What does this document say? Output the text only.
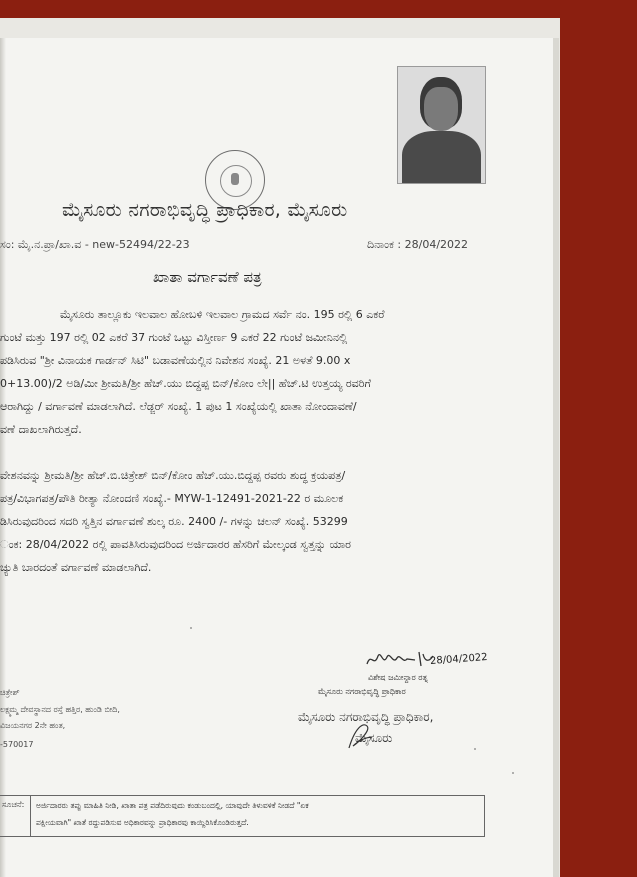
ಮೈಸೂರು ನಗರಾಭಿವೃದ್ಧಿ ಪ್ರಾಧಿಕಾರ, ಮೈಸೂರು
ಸಂ: ಮೈ.ನ.ಪ್ರಾ/ಖಾ.ವ - new-52494/22-23	ದಿನಾಂಕ : 28/04/2022
ಖಾತಾ ವರ್ಗಾವಣೆ ಪತ್ರ
ಮೈಸೂರು ತಾಲ್ಲೂಕು ಇಲವಾಲ ಹೋಬಳಿ ಇಲವಾಲ ಗ್ರಾಮದ ಸರ್ವೆ ನಂ. 195 ರಲ್ಲಿ 6 ಎಕರೆ
ಗುಂಟೆ ಮತ್ತು 197 ರಲ್ಲಿ 02 ಎಕರೆ 37 ಗುಂಟೆ ಒಟ್ಟು ವಿಸ್ತೀರ್ಣ 9 ಎಕರೆ 22 ಗುಂಟೆ ಜಮೀನಿನಲ್ಲಿ
ಪಡಿಸಿರುವ "ಶ್ರೀ ವಿನಾಯಕ ಗಾರ್ಡನ್ ಸಿಟಿ" ಬಡಾವಣೆಯಲ್ಲಿನ ನಿವೇಶನ ಸಂಖ್ಯೆ. 21 ಅಳತೆ 9.00 x
0+13.00)/2 ಅಡಿ/ಮೀ ಶ್ರೀಮತಿ/ಶ್ರೀ ಹೆಚ್.ಯು ಬಿದ್ದಪ್ಪ ಬಿನ್/ಕೋಂ ಲೇ|| ಹೆಚ್.ಟಿ ಉತ್ತಯ್ಯ ರವರಿಗೆ
ಆರಾಗಿದ್ದು / ವರ್ಗಾವಣೆ ಮಾಡಲಾಗಿದೆ. ಲೆಡ್ಜರ್ ಸಂಖ್ಯೆ. 1 ಪುಟ 1 ಸಂಖ್ಯೆಯಲ್ಲಿ ಖಾತಾ ನೋಂದಾವಣೆ/
ವಣೆ ದಾಖಲಾಗಿರುತ್ತದೆ.
ವೇಶನವನ್ನು ಶ್ರೀಮತಿ/ಶ್ರೀ ಹೆಚ್.ಬಿ.ಚಿತ್ರೇಶ್ ಬಿನ್/ಕೋಂ ಹೆಚ್.ಯು.ಬಿದ್ದಪ್ಪ ರವರು ಶುದ್ಧ ಕ್ರಯಪತ್ರ/
ಪತ್ರ/ವಿಭಾಗಪತ್ರ/ಪೌತಿ ರೀತ್ಯಾ ನೋಂದಣಿ ಸಂಖ್ಯೆ.- MYW-1-12491-2021-22 ರ ಮೂಲಕ
ಡಿಸಿರುವುದರಿಂದ ಸದರಿ ಸ್ವತ್ತಿನ ವರ್ಗಾವಣೆ ಶುಲ್ಕ ರೂ. 2400 /- ಗಳನ್ನು ಚಲನ್ ಸಂಖ್ಯೆ. 53299
ಂಕ: 28/04/2022 ರಲ್ಲಿ ಪಾವತಿಸಿರುವುದರಿಂದ ಅರ್ಜಿದಾರರ ಹೆಸರಿಗೆ ಮೇಲ್ಕಂಡ ಸ್ವತ್ತನ್ನು ಯಾರ
ಚ್ಯುತಿ ಬಾರದಂತೆ ವರ್ಗಾವಣೆ ಮಾಡಲಾಗಿದೆ.
28/04/2022
ವಿಶೇಷ ಜಮೀನ್ದಾರ ರತ್ನ
ಮೈಸೂರು ನಗರಾಭಿವೃದ್ಧಿ ಪ್ರಾಧಿಕಾರ
ಮೈಸೂರು ನಗರಾಭಿವೃದ್ಧಿ ಪ್ರಾಧಿಕಾರ,
ಮೈಸೂರು
ಚಿತ್ರೇಶ್
ಲಕ್ಷ್ಮಮ್ಮ ದೇವಸ್ಥಾನದ ರಸ್ತೆ ಹತ್ತಿರ, ಹುಂಡಿ ಬೀದಿ,
ವಿಜಯನಗರ 2ನೇ ಹಂತ,
-570017
ಸೂಚನೆ: ಅರ್ಜಿದಾರರು ತಪ್ಪು ಮಾಹಿತಿ ನೀಡಿ, ಖಾತಾ ಪತ್ರ ಪಡೆದಿರುವುದು ಕಂಡುಬಂದಲ್ಲಿ, ಯಾವುದೇ ತಿಳುವಳಿಕೆ ನೀಡದೆ "ಏಕ
ಪಕ್ಷೀಯವಾಗಿ" ಖಾತೆ ರದ್ದುಪಡಿಸುವ ಅಧಿಕಾರವನ್ನು ಪ್ರಾಧಿಕಾರವು ಕಾಯ್ದಿರಿಸಿಕೊಂಡಿರುತ್ತದೆ.
